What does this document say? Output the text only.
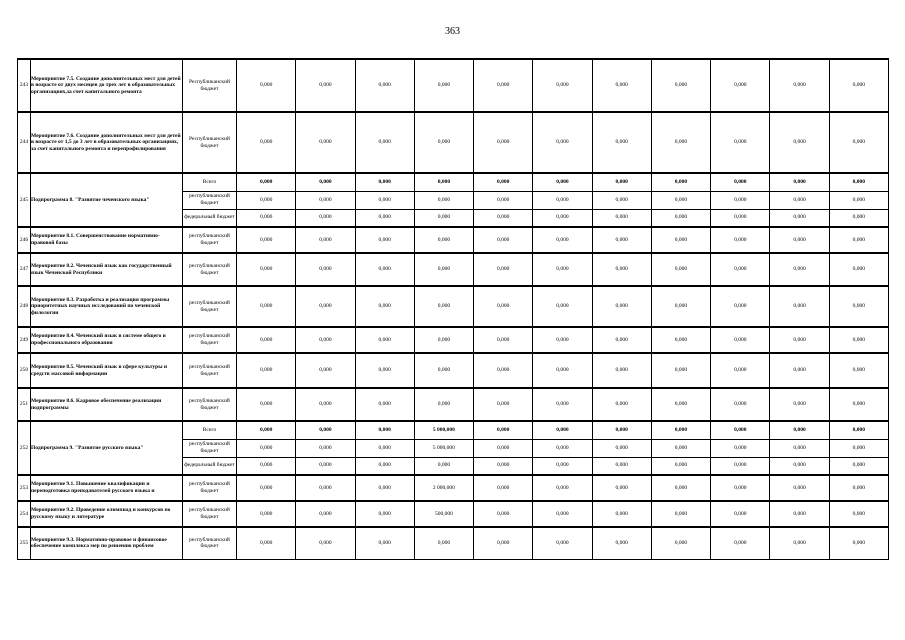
363
243	Мероприятие 7.5. Создание дополнительных мест для детей в возрасте от двух месяцев до трех лет в образовательных организациях,за счет капитального ремонта	Республиканский бюджет	0,000	0,000	0,000	0,000	0,000	0,000	0,000	0,000	0,000	0,000	0,000
244	Мероприятие 7.6. Создание дополнительных мест для детей в возрасте от 1,5 до 3 лет в образовательных организациях, за счет капитального ремонта и перепрофилирования	Республиканский бюджет	0,000	0,000	0,000	0,000	0,000	0,000	0,000	0,000	0,000	0,000	0,000
245	Подпрограмма 8. "Развитие чеченского языка"	Всего	0,000	0,000	0,000	0,000	0,000	0,000	0,000	0,000	0,000	0,000	0,000
		республиканский бюджет	0,000	0,000	0,000	0,000	0,000	0,000	0,000	0,000	0,000	0,000	0,000
		федеральный бюджет	0,000	0,000	0,000	0,000	0,000	0,000	0,000	0,000	0,000	0,000	0,000
246	Мероприятие 8.1. Совершенствование нормативно-правовой базы	республиканский бюджет	0,000	0,000	0,000	0,000	0,000	0,000	0,000	0,000	0,000	0,000	0,000
247	Мероприятие 8.2. Чеченский язык как государственный язык Чеченской Республики	республиканский бюджет	0,000	0,000	0,000	0,000	0,000	0,000	0,000	0,000	0,000	0,000	0,000
248	Мероприятие 8.3. Разработка и реализация программы приоритетных научных исследований по чеченской филологии	республиканский бюджет	0,000	0,000	0,000	0,000	0,000	0,000	0,000	0,000	0,000	0,000	0,000
249	Мероприятие 8.4. Чеченский язык в системе общего и профессионального образования	республиканский бюджет	0,000	0,000	0,000	0,000	0,000	0,000	0,000	0,000	0,000	0,000	0,000
250	Мероприятие 8.5. Чеченский язык в сфере культуры и средств массовой информации	республиканский бюджет	0,000	0,000	0,000	0,000	0,000	0,000	0,000	0,000	0,000	0,000	0,000
251	Мероприятие 8.6. Кадровое обеспечение реализации подпрограммы	республиканский бюджет	0,000	0,000	0,000	0,000	0,000	0,000	0,000	0,000	0,000	0,000	0,000
252	Подпрограмма 9. "Развитие русского языка"	Всего	0,000	0,000	0,000	5 000,000	0,000	0,000	0,000	0,000	0,000	0,000	0,000
		республиканский бюджет	0,000	0,000	0,000	5 000,000	0,000	0,000	0,000	0,000	0,000	0,000	0,000
		федеральный бюджет	0,000	0,000	0,000	0,000	0,000	0,000	0,000	0,000	0,000	0,000	0,000
253	Мероприятие 9.1. Повышение квалификации и переподготовка преподавателей русского языка и	республиканский бюджет	0,000	0,000	0,000	2 000,000	0,000	0,000	0,000	0,000	0,000	0,000	0,000
254	Мероприятие 9.2. Проведение олимпиад и конкурсов по русскому языку и литературе	республиканский бюджет	0,000	0,000	0,000	500,000	0,000	0,000	0,000	0,000	0,000	0,000	0,000
255	Мероприятие 9.3. Нормативно-правовое и финансовое обеспечение комплекса мер по решению проблем	республиканский бюджет	0,000	0,000	0,000	0,000	0,000	0,000	0,000	0,000	0,000	0,000	0,000
